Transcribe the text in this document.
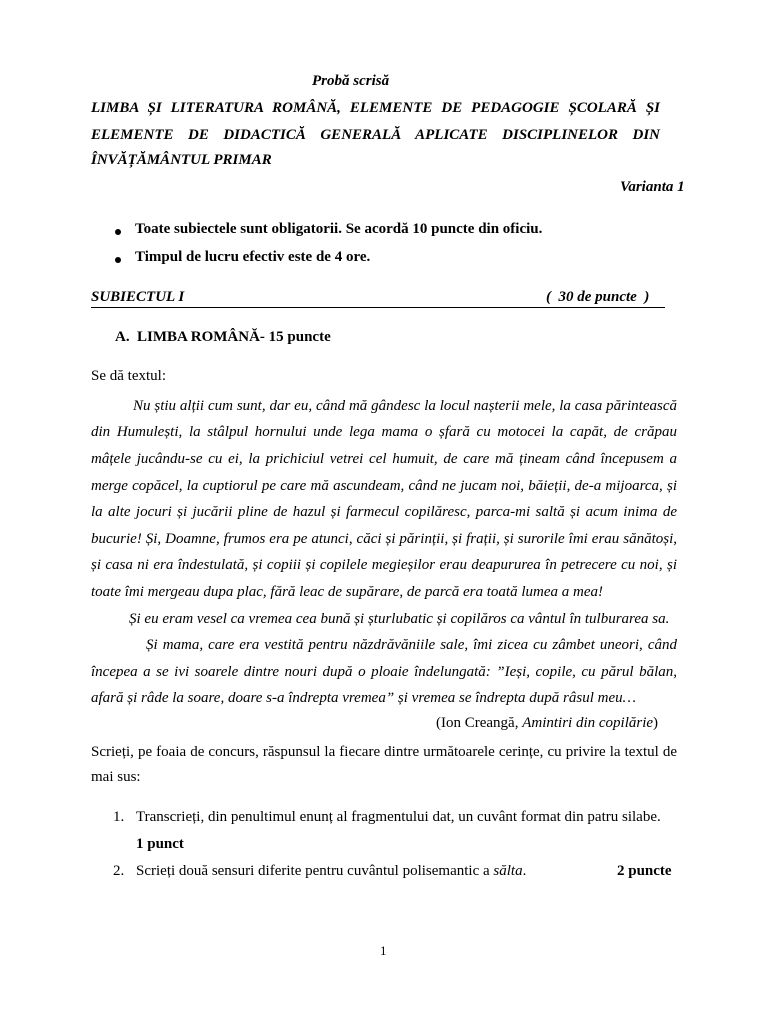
Probă scrisă
LIMBA ȘI LITERATURA ROMÂNĂ, ELEMENTE DE PEDAGOGIE ȘCOLARĂ ȘI
ELEMENTE DE DIDACTICĂ GENERALĂ APLICATE DISCIPLINELOR DIN
ÎNVĂȚĂMÂNTUL PRIMAR
Varianta 1
Toate subiectele sunt obligatorii. Se acordă 10 puncte din oficiu.
Timpul de lucru efectiv este de 4 ore.
SUBIECTUL I	(  30 de puncte  )
A. LIMBA ROMÂNĂ- 15 puncte
Se dă textul:
Nu știu alții cum sunt, dar eu, când mă gândesc la locul nașterii mele, la casa părintească
din Humulești, la stâlpul hornului unde lega mama o șfară cu motocei la capăt, de crăpau
mâțele jucându-se cu ei, la prichiciul vetrei cel humuit, de care mă țineam când începusem a
merge copăcel, la cuptiorul pe care mă ascundeam, când ne jucam noi, băieții, de-a mijoarca, și
la alte jocuri și jucării pline de hazul și farmecul copilăresc, parca-mi saltă și acum inima de
bucurie! Și, Doamne, frumos era pe atunci, căci și părinții, și frații, și surorile îmi erau sănătoși,
și casa ni era îndestulată, și copiii și copilele megieșilor erau deapururea în petrecere cu noi, și
toate îmi mergeau dupa plac, fără leac de supărare, de parcă era toată lumea a mea!
Și eu eram vesel ca vremea cea bună și șturlubatic și copilăros ca vântul în tulburarea sa.
Și mama, care era vestită pentru năzdrăvăniile sale, îmi zicea cu zâmbet uneori, când
începea a se ivi soarele dintre nouri după o ploaie îndelungată: ”Ieși, copile, cu părul bălan,
afară și râde la soare, doare s-a îndrepta vremea” și vremea se îndrepta după râsul meu…
(Ion Creangă, Amintiri din copilărie)
Scrieți, pe foaia de concurs, răspunsul la fiecare dintre următoarele cerințe, cu privire la textul de
mai sus:
1. Transcrieți, din penultimul enunț al fragmentului dat, un cuvânt format din patru silabe.
1 punct
2. Scrieți două sensuri diferite pentru cuvântul polisemantic a sălta.	2 puncte
1
